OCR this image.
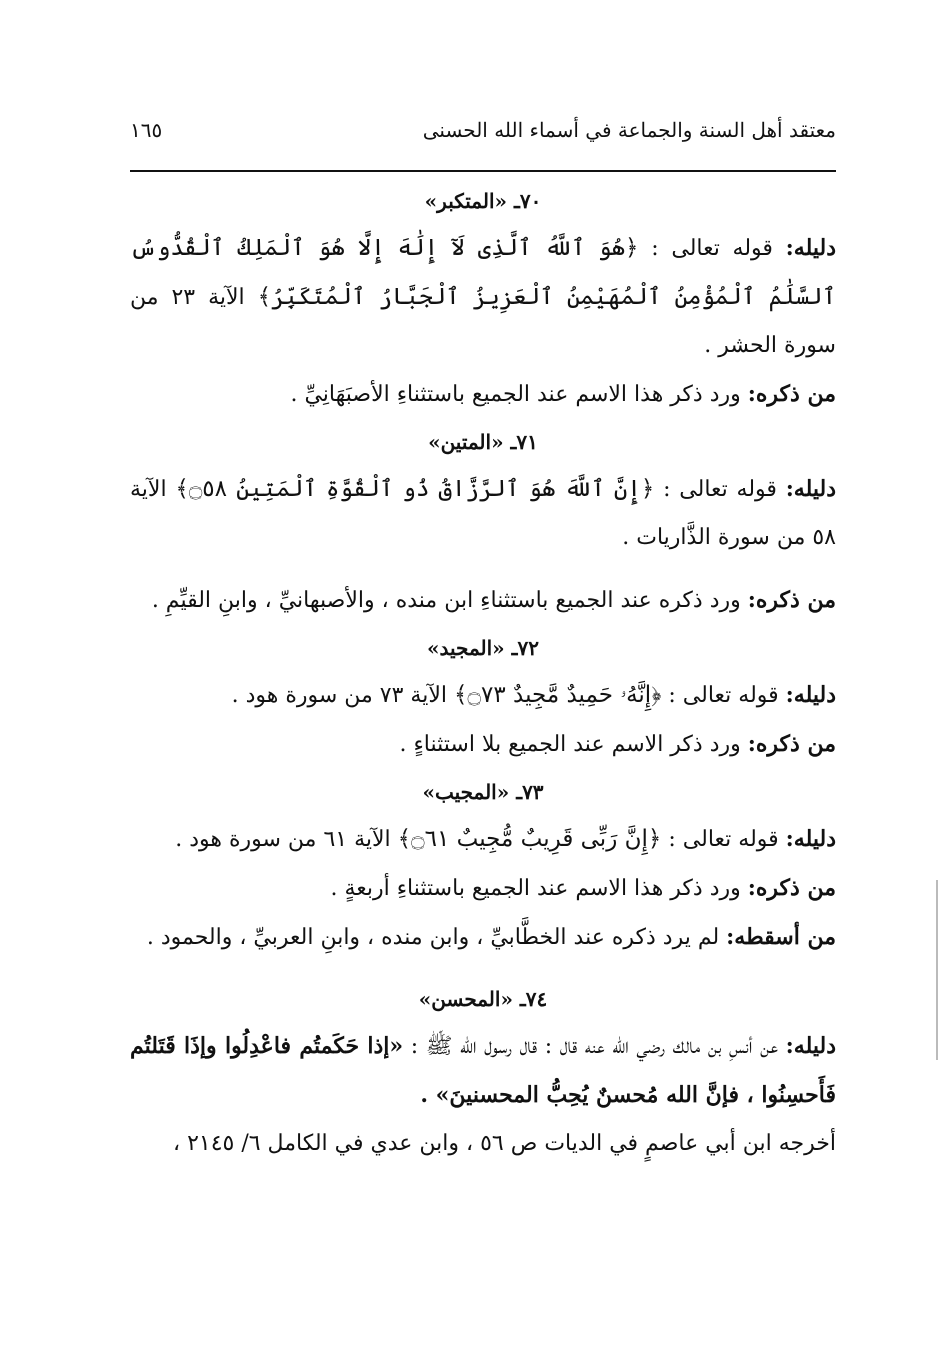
١٦٥	معتقد أهل السنة والجماعة في أسماء الله الحسنى

٧٠ـ «المتكبر»

دليله: قوله تعالى : ﴿هُوَ ٱللَّهُ ٱلَّذِى لَآ إِلَٰهَ إِلَّا هُوَ ٱلْمَلِكُ ٱلْقُدُّوسُ ٱلسَّلَٰمُ ٱلْمُؤْمِنُ ٱلْمُهَيْمِنُ ٱلْعَزِيزُ ٱلْجَبَّارُ ٱلْمُتَكَبِّرُ﴾ الآية ٢٣ من سورة الحشر .

من ذكره: ورد ذكر هذا الاسم عند الجميع باستثناءِ الأصبَهَانِيِّ .

٧١ـ «المتين»

دليله: قوله تعالى : ﴿إِنَّ ٱللَّهَ هُوَ ٱلرَّزَّاقُ ذُو ٱلْقُوَّةِ ٱلْمَتِينُ ۝٥٨﴾ الآية ٥٨ من سورة الذَّاريات .

من ذكره: ورد ذكره عند الجميع باستثناءِ ابن منده ، والأصبهانيِّ ، وابنِ القيِّمِ .

٧٢ـ «المجيد»

دليله: قوله تعالى : ﴿إِنَّهُۥ حَمِيدٌ مَّجِيدٌ ۝٧٣﴾ الآية ٧٣ من سورة هود .

من ذكره: ورد ذكر الاسم عند الجميع بلا استثناءٍ .

٧٣ـ «المجيب»

دليله: قوله تعالى : ﴿إِنَّ رَبِّى قَرِيبٌ مُّجِيبٌ ۝٦١﴾ الآية ٦١ من سورة هود .

من ذكره: ورد ذكر هذا الاسم عند الجميع باستثناءِ أربعةٍ .

من أسقطه: لم يرد ذكره عند الخطَّابيِّ ، وابن منده ، وابنِ العربيِّ ، والحمود .

٧٤ـ «المحسن»

دليله: عن أنسِ بن مالك رضي الله عنه قال : قال رسول الله ﷺ : «إذا حَكَمتُم فاعْدِلُوا وإذَا قَتَلتُم فَأَحسِنُوا ، فإنَّ الله مُحسنٌ يُحِبُّ المحسنينَ» .

أخرجه ابن أبي عاصمٍ في الديات ص ٥٦ ، وابن عدي في الكامل ٦/ ٢١٤٥ ،
